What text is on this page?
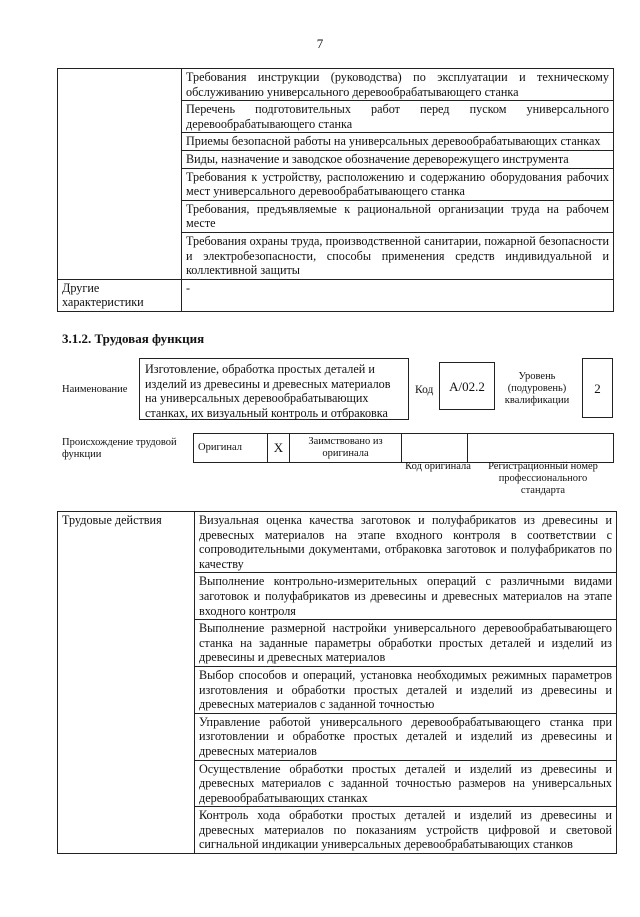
7
	Требования инструкции (руководства) по эксплуатации и техническому обслуживанию универсального деревообрабатывающего станка
	Перечень подготовительных работ перед пуском универсального деревообрабатывающего станка
	Приемы безопасной работы на универсальных деревообрабатывающих станках
	Виды, назначение и заводское обозначение дереворежущего инструмента
	Требования к устройству, расположению и содержанию оборудования рабочих мест универсального деревообрабатывающего станка
	Требования, предъявляемые к рациональной организации труда на рабочем месте
	Требования охраны труда, производственной санитарии, пожарной безопасности и электробезопасности, способы применения средств индивидуальной и коллективной защиты
Другие характеристики	-
3.1.2. Трудовая функция
Наименование
Изготовление, обработка простых деталей и изделий из древесины и древесных материалов на универсальных деревообрабатывающих станках, их визуальный контроль и отбраковка
Код	А/02.2
Уровень (подуровень) квалификации
2
Происхождение трудовой функции
Оригинал	X	Заимствовано из оригинала		
Код оригинала	Регистрационный номер профессионального стандарта
Трудовые действия	Визуальная оценка качества заготовок и полуфабрикатов из древесины и древесных материалов на этапе входного контроля в соответствии с сопроводительными документами, отбраковка заготовок и полуфабрикатов по качеству
Выполнение контрольно-измерительных операций с различными видами заготовок и полуфабрикатов из древесины и древесных материалов на этапе входного контроля
Выполнение размерной настройки универсального деревообрабатывающего станка на заданные параметры обработки простых деталей и изделий из древесины и древесных материалов
Выбор способов и операций, установка необходимых режимных параметров изготовления и обработки простых деталей и изделий из древесины и древесных материалов с заданной точностью
Управление работой универсального деревообрабатывающего станка при изготовлении и обработке простых деталей и изделий из древесины и древесных материалов
Осуществление обработки простых деталей и изделий из древесины и древесных материалов с заданной точностью размеров на универсальных деревообрабатывающих станках
Контроль хода обработки простых деталей и изделий из древесины и древесных материалов по показаниям устройств цифровой и световой сигнальной индикации универсальных деревообрабатывающих станков
